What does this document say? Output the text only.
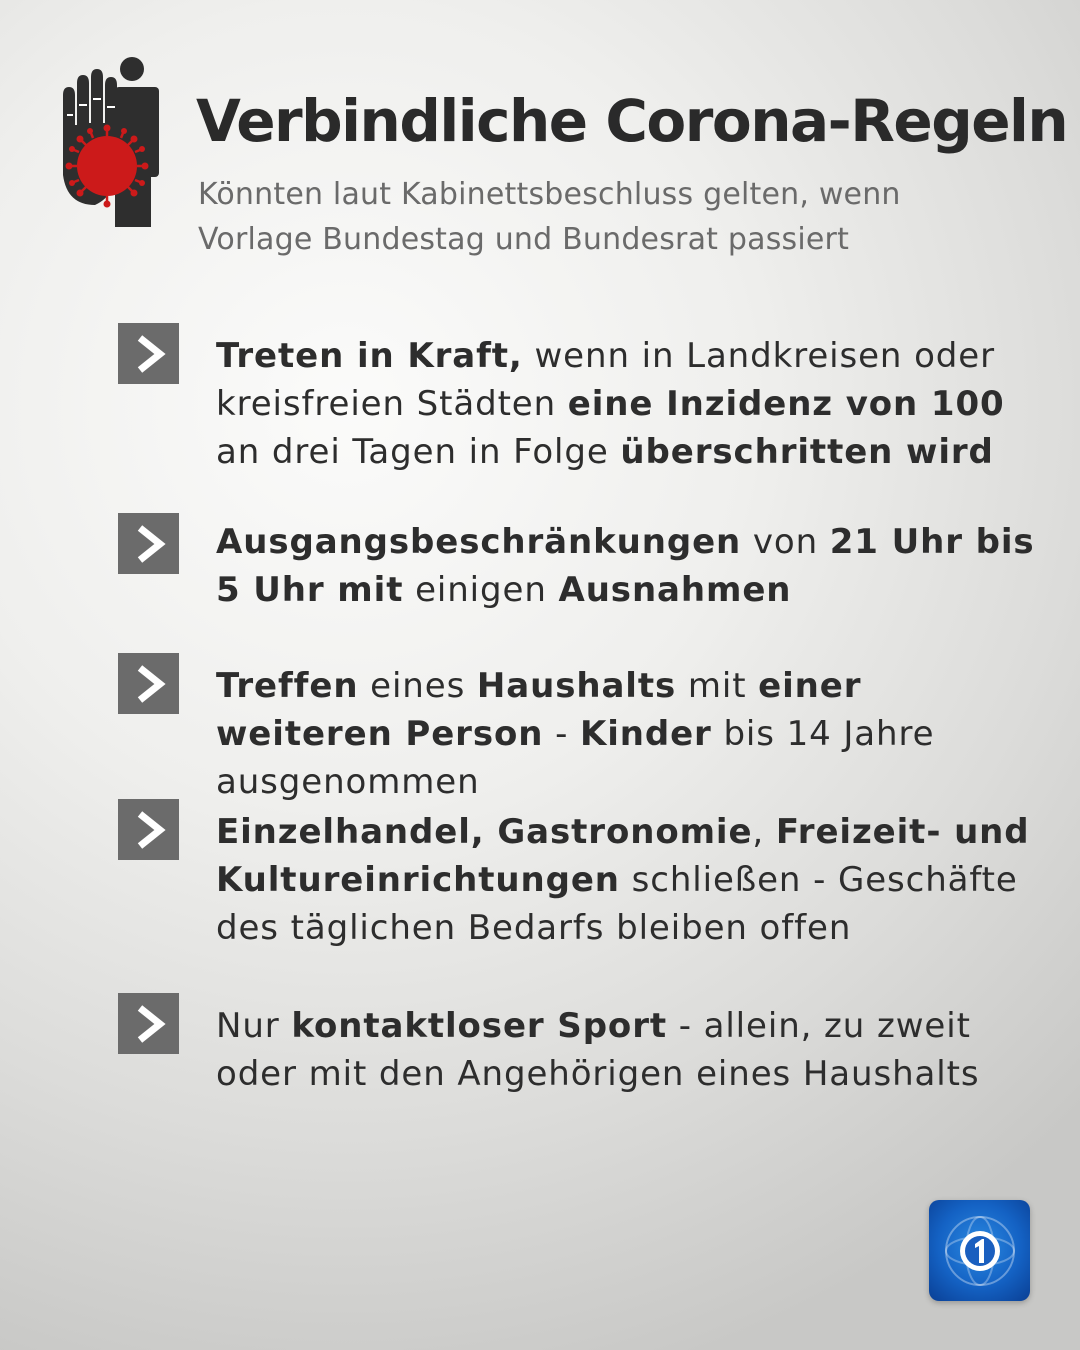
Verbindliche Corona-Regeln
Könnten laut Kabinettsbeschluss gelten, wenn
Vorlage Bundestag und Bundesrat passiert
Treten in Kraft, wenn in Landkreisen oder kreisfreien Städten eine Inzidenz von 100 an drei Tagen in Folge überschritten wird
Ausgangsbeschränkungen von 21 Uhr bis 5 Uhr mit einigen Ausnahmen
Treffen eines Haushalts mit einer weiteren Person - Kinder bis 14 Jahre ausgenommen
Einzelhandel, Gastronomie, Freizeit- und Kultureinrichtungen schließen - Geschäfte des täglichen Bedarfs bleiben offen
Nur kontaktloser Sport - allein, zu zweit oder mit den Angehörigen eines Haushalts
